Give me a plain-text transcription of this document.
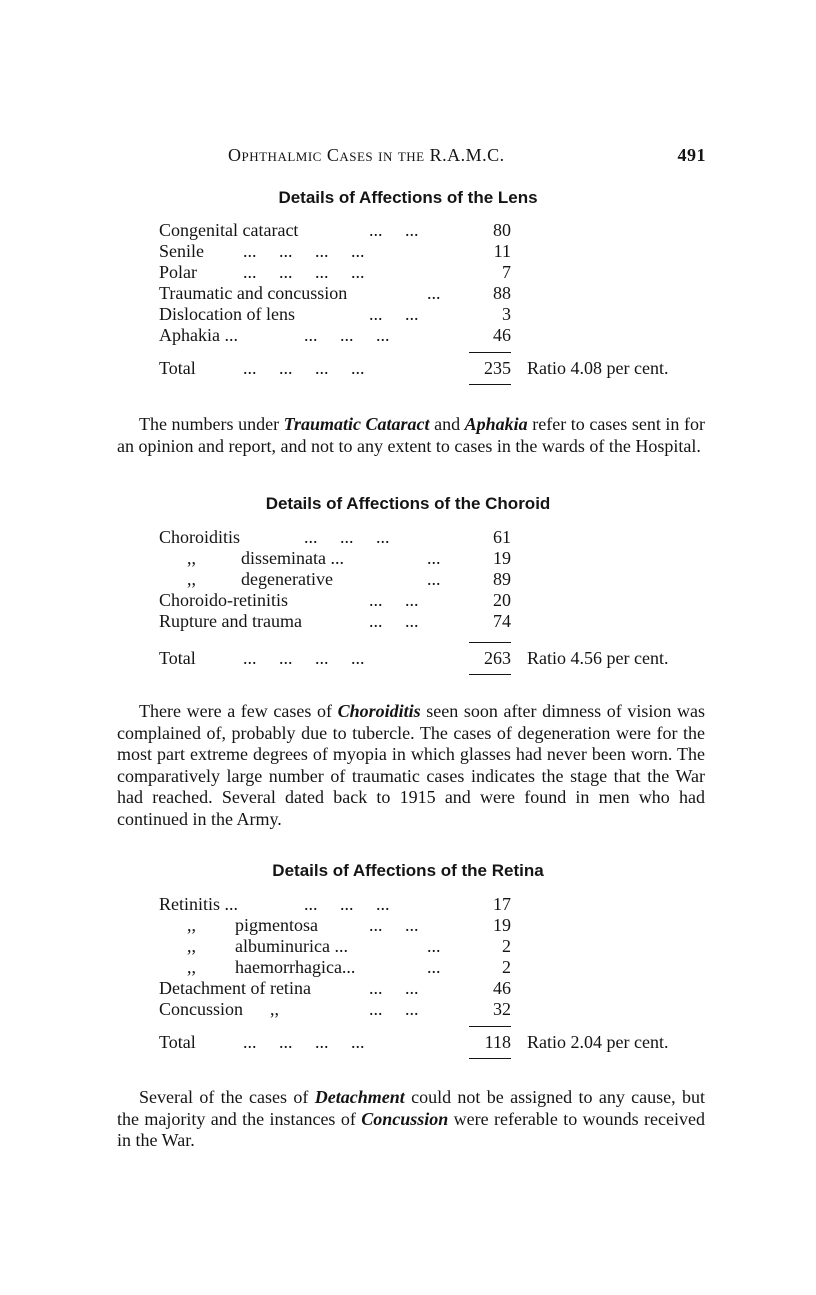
Ophthalmic Cases in the R.A.M.C.	491
Details of Affections of the Lens
Congenital cataract	...     ...	80
Senile ...     ...     ...     ...	11
Polar	...     ...     ...     ...	7
Traumatic and concussion	...	88
Dislocation of lens	...     ...	3
Aphakia ...	...     ...     ...	46
Total	...     ...     ...     ...	235 Ratio 4.08 per cent.
The numbers under Traumatic Cataract and Aphakia refer to cases sent in for an opinion and report, and not to any extent to cases in the wards of the Hospital.
Details of Affections of the Choroid
Choroiditis	...     ...     ...	61
,,	disseminata ...	...	19
,,	degenerative	...	89
Choroido-retinitis	...     ...	20
Rupture and trauma	...     ...	74
Total	...     ...     ...     ...	263 Ratio 4.56 per cent.
There were a few cases of Choroiditis seen soon after dimness of vision was complained of, probably due to tubercle. The cases of degeneration were for the most part extreme degrees of myopia in which glasses had never been worn. The comparatively large number of traumatic cases indicates the stage that the War had reached. Several dated back to 1915 and were found in men who had continued in the Army.
Details of Affections of the Retina
Retinitis ...	...     ...     ...	17
,, pigmentosa	...     ...	19
,, albuminurica ...	...	2
,, haemorrhagica...	...	2
Detachment of retina	...     ...	46
Concussion      ,,	...     ...	32
Total	...     ...     ...     ...	118 Ratio 2.04 per cent.
Several of the cases of Detachment could not be assigned to any cause, but the majority and the instances of Concussion were referable to wounds received in the War.
